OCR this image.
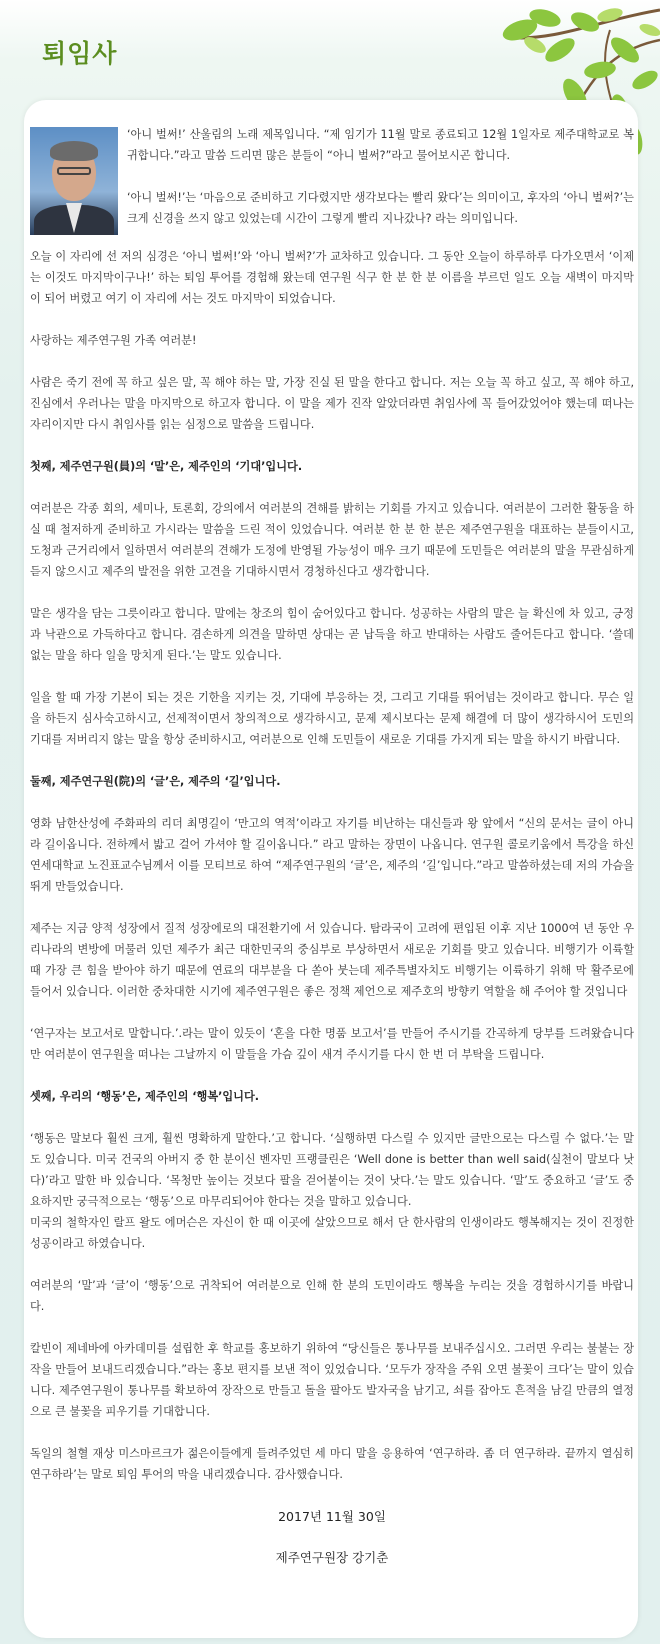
퇴임사

‘아니 벌써!’ 산울림의 노래 제목입니다. “제 임기가 11월 말로 종료되고 12월 1일자로 제주대학교로 복귀합니다.”라고 말씀 드리면 많은 분들이 “아니 벌써?”라고 물어보시곤 합니다.

‘아니 벌써!’는 ‘마음으로 준비하고 기다렸지만 생각보다는 빨리 왔다’는 의미이고, 후자의 ‘아니 벌써?’는 크게 신경을 쓰지 않고 있었는데 시간이 그렇게 빨리 지나갔나? 라는 의미입니다.

오늘 이 자리에 선 저의 심경은 ‘아니 벌써!’와 ‘아니 벌써?’가 교차하고 있습니다. 그 동안 오늘이 하루하루 다가오면서 ‘이제는 이것도 마지막이구나!’ 하는 퇴임 투어를 경험해 왔는데 연구원 식구 한 분 한 분 이름을 부르던 일도 오늘 새벽이 마지막이 되어 버렸고 여기 이 자리에 서는 것도 마지막이 되었습니다.

사랑하는 제주연구원 가족 여러분!

사람은 죽기 전에 꼭 하고 싶은 말, 꼭 해야 하는 말, 가장 진실 된 말을 한다고 합니다. 저는 오늘 꼭 하고 싶고, 꼭 해야 하고, 진심에서 우러나는 말을 마지막으로 하고자 합니다. 이 말을 제가 진작 알았더라면 취임사에 꼭 들어갔었어야 했는데 떠나는 자리이지만 다시 취임사를 읽는 심정으로 말씀을 드립니다.

첫째, 제주연구원(員)의 ‘말’은, 제주인의 ‘기대’입니다.

여러분은 각종 회의, 세미나, 토론회, 강의에서 여러분의 견해를 밝히는 기회를 가지고 있습니다. 여러분이 그러한 활동을 하실 때 철저하게 준비하고 가시라는 말씀을 드린 적이 있었습니다. 여러분 한 분 한 분은 제주연구원을 대표하는 분들이시고, 도청과 근거리에서 일하면서 여러분의 견해가 도정에 반영될 가능성이 매우 크기 때문에 도민들은 여러분의 말을 무관심하게 듣지 않으시고 제주의 발전을 위한 고견을 기대하시면서 경청하신다고 생각합니다.

말은 생각을 담는 그릇이라고 합니다. 말에는 창조의 힘이 숨어있다고 합니다. 성공하는 사람의 말은 늘 확신에 차 있고, 긍정과 낙관으로 가득하다고 합니다. 겸손하게 의견을 말하면 상대는 곧 납득을 하고 반대하는 사람도 줄어든다고 합니다. ‘쓸데없는 말을 하다 일을 망치게 된다.’는 말도 있습니다.

일을 할 때 가장 기본이 되는 것은 기한을 지키는 것, 기대에 부응하는 것, 그리고 기대를 뛰어넘는 것이라고 합니다. 무슨 일을 하든지 심사숙고하시고, 선제적이면서 창의적으로 생각하시고, 문제 제시보다는 문제 해결에 더 많이 생각하시어 도민의 기대를 저버리지 않는 말을 항상 준비하시고, 여러분으로 인해 도민들이 새로운 기대를 가지게 되는 말을 하시기 바랍니다.

둘째, 제주연구원(院)의 ‘글’은, 제주의 ‘길’입니다.

영화 남한산성에 주화파의 리더 최명길이 ‘만고의 역적’이라고 자기를 비난하는 대신들과 왕 앞에서 “신의 문서는 글이 아니라 길이옵니다. 전하께서 밟고 걸어 가셔야 할 길이옵니다.” 라고 말하는 장면이 나옵니다. 연구원 콜로키움에서 특강을 하신 연세대학교 노진표교수님께서 이를 모티브로 하여 “제주연구원의 ‘글’은, 제주의 ‘길’입니다.”라고 말씀하셨는데 저의 가슴을 뛰게 만들었습니다.

제주는 지금 양적 성장에서 질적 성장에로의 대전환기에 서 있습니다. 탐라국이 고려에 편입된 이후 지난 1000여 년 동안 우리나라의 변방에 머물러 있던 제주가 최근 대한민국의 중심부로 부상하면서 새로운 기회를 맞고 있습니다. 비행기가 이륙할 때 가장 큰 힘을 받아야 하기 때문에 연료의 대부분을 다 쏟아 붓는데 제주특별자치도 비행기는 이륙하기 위해 막 활주로에 들어서 있습니다. 이러한 중차대한 시기에 제주연구원은 좋은 정책 제언으로 제주호의 방향키 역할을 해 주어야 할 것입니다

‘연구자는 보고서로 말합니다.’.라는 말이 있듯이 ‘혼을 다한 명품 보고서’를 만들어 주시기를 간곡하게 당부를 드려왔습니다만 여러분이 연구원을 떠나는 그날까지 이 말들을 가슴 깊이 새겨 주시기를 다시 한 번 더 부탁을 드립니다.

셋째, 우리의 ‘행동’은, 제주인의 ‘행복’입니다.

‘행동은 말보다 훨씬 크게, 훨씬 명확하게 말한다.’고 합니다. ‘실행하면 다스릴 수 있지만 글만으로는 다스릴 수 없다.’는 말도 있습니다. 미국 건국의 아버지 중 한 분이신 벤자민 프랭클린은 ‘Well done is better than well said(실천이 말보다 낫다)’라고 말한 바 있습니다. ‘목청만 높이는 것보다 팔을 걷어붙이는 것이 낫다.’는 말도 있습니다. ‘말’도 중요하고 ‘글’도 중요하지만 궁극적으로는 ‘행동’으로 마무리되어야 한다는 것을 말하고 있습니다.

미국의 철학자인 랄프 왈도 에머슨은 자신이 한 때 이곳에 살았으므로 해서 단 한사람의 인생이라도 행복해지는 것이 진정한 성공이라고 하였습니다.

여러분의 ‘말’과 ‘글’이 ‘행동’으로 귀착되어 여러분으로 인해 한 분의 도민이라도 행복을 누리는 것을 경험하시기를 바랍니다.

칼빈이 제네바에 아카데미를 설립한 후 학교를 홍보하기 위하여 “당신들은 통나무를 보내주십시오. 그러면 우리는 불붙는 장작을 만들어 보내드리겠습니다.”라는 홍보 편지를 보낸 적이 있었습니다. ‘모두가 장작을 주워 오면 불꽃이 크다’는 말이 있습니다. 제주연구원이 통나무를 확보하여 장작으로 만들고 돌을 팔아도 발자국을 남기고, 쇠를 잡아도 흔적을 남길 만큼의 열정으로 큰 불꽃을 피우기를 기대합니다.

독일의 철혈 재상 미스마르크가 젊은이들에게 들려주었던 세 마디 말을 응용하여 ‘연구하라. 좀 더 연구하라. 끝까지 열심히 연구하라’는 말로 퇴임 투어의 막을 내리겠습니다. 감사했습니다.

2017년 11월 30일
제주연구원장 강기춘
